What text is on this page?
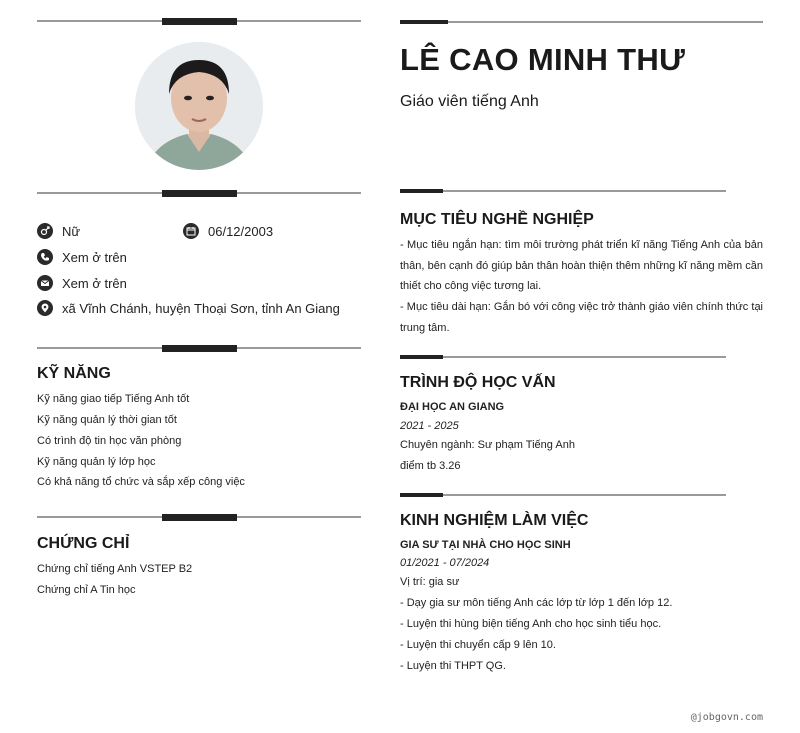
Nữ	06/12/2003
Xem ở trên
Xem ở trên
xã Vĩnh Chánh, huyện Thoại Sơn, tỉnh An Giang
KỸ NĂNG
Kỹ năng giao tiếp Tiếng Anh tốt
Kỹ năng quản lý thời gian tốt
Có trình độ tin học văn phòng
Kỹ năng quản lý lớp học
Có khả năng tổ chức và sắp xếp công việc
CHỨNG CHỈ
Chứng chỉ tiếng Anh VSTEP B2
Chứng chỉ A Tin học
LÊ CAO MINH THƯ
Giáo viên tiếng Anh
MỤC TIÊU NGHỀ NGHIỆP
- Mục tiêu ngắn hạn: tìm môi trường phát triển kĩ năng Tiếng Anh của bản thân, bên cạnh đó giúp bản thân hoàn thiện thêm những kĩ năng mềm cần thiết cho công việc tương lai.
- Mục tiêu dài hạn: Gắn bó với công việc trở thành giáo viên chính thức tại trung tâm.
TRÌNH ĐỘ HỌC VẤN
ĐẠI HỌC AN GIANG
2021 - 2025
Chuyên ngành: Sư phạm Tiếng Anh
điểm tb 3.26
KINH NGHIỆM LÀM VIỆC
GIA SƯ TẠI NHÀ CHO HỌC SINH
01/2021 - 07/2024
Vị trí: gia sư
- Dạy gia sư môn tiếng Anh các lớp từ lớp 1 đến lớp 12.
- Luyện thi hùng biện tiếng Anh cho học sinh tiểu học.
- Luyện thi chuyển cấp 9 lên 10.
- Luyện thi THPT QG.
@jobgovn.com
